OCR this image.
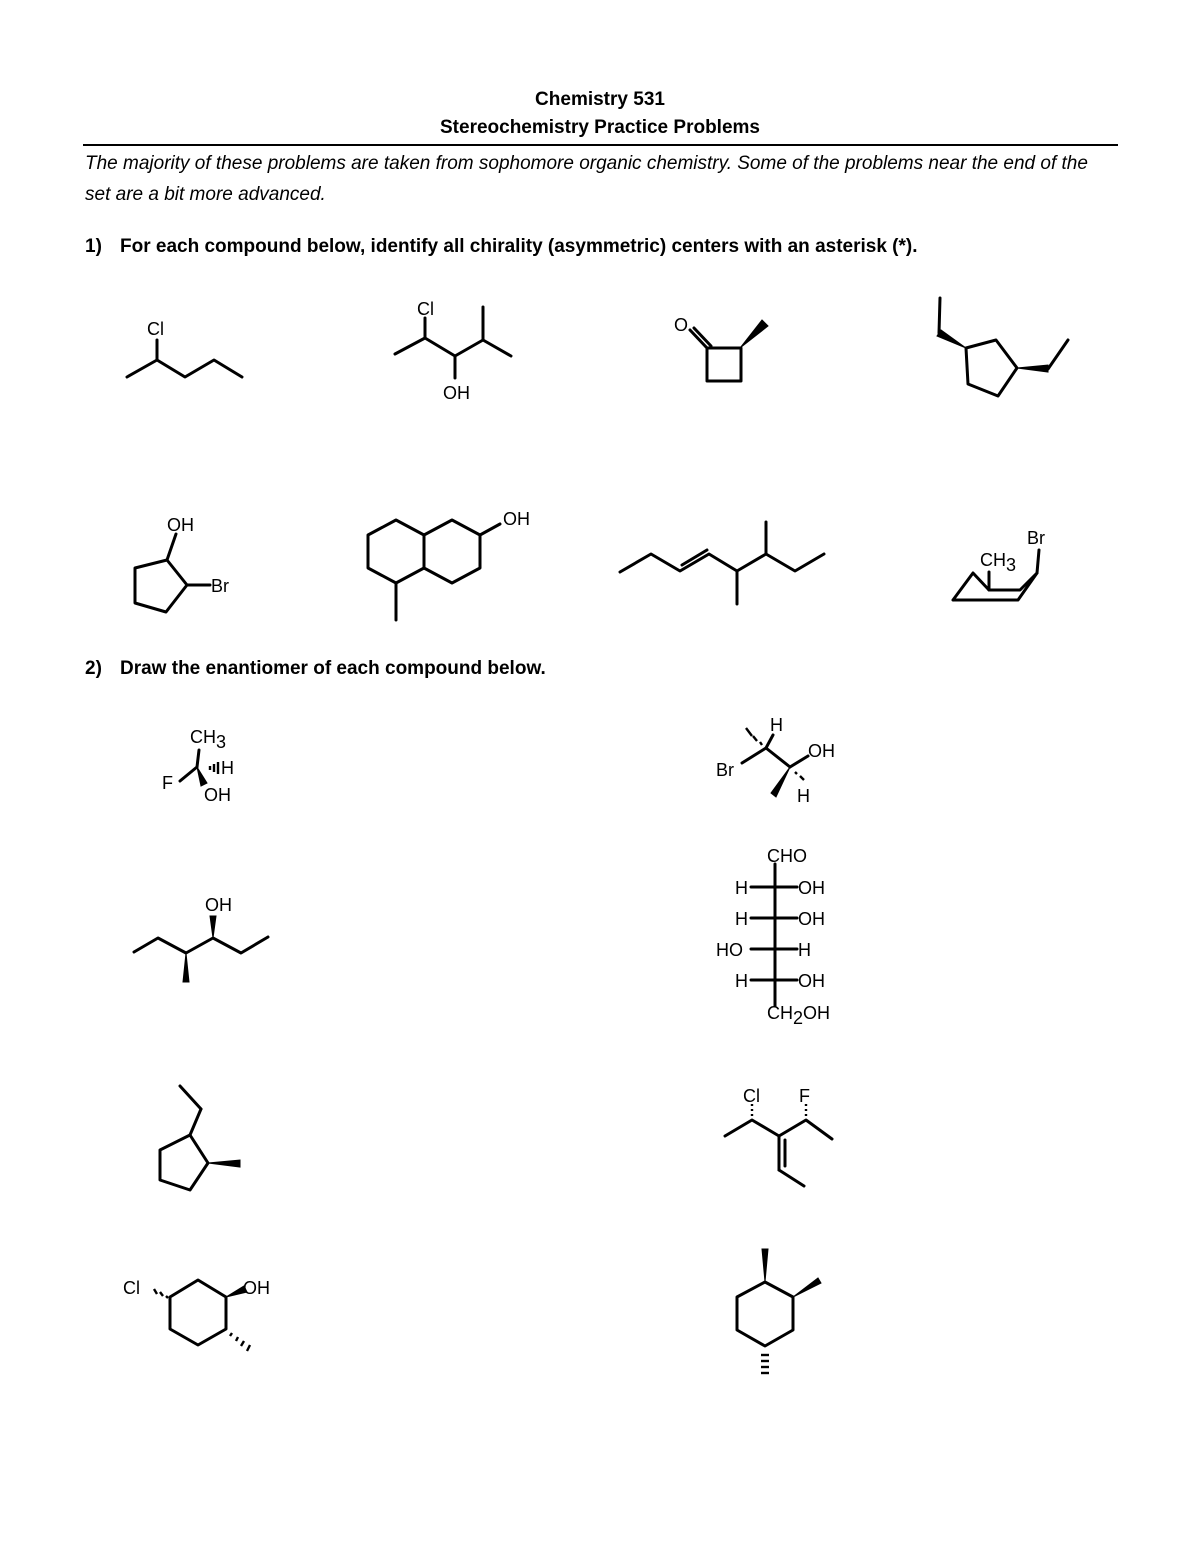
Chemistry 531
Stereochemistry Practice Problems
The majority of these problems are taken from sophomore organic chemistry. Some of the problems near the end of the set are a bit more advanced.
1) For each compound below, identify all chirality (asymmetric) centers with an asterisk (*).
2) Draw the enantiomer of each compound below.
Cl
Cl
OH
O
OH
Br
OH
Br
CH3
CH3
H
F
OH
OH
Cl	OH
H
OH
Br
H
CHO
H	OH
H	OH
HO	H
H	OH
CH2OH
Cl F
